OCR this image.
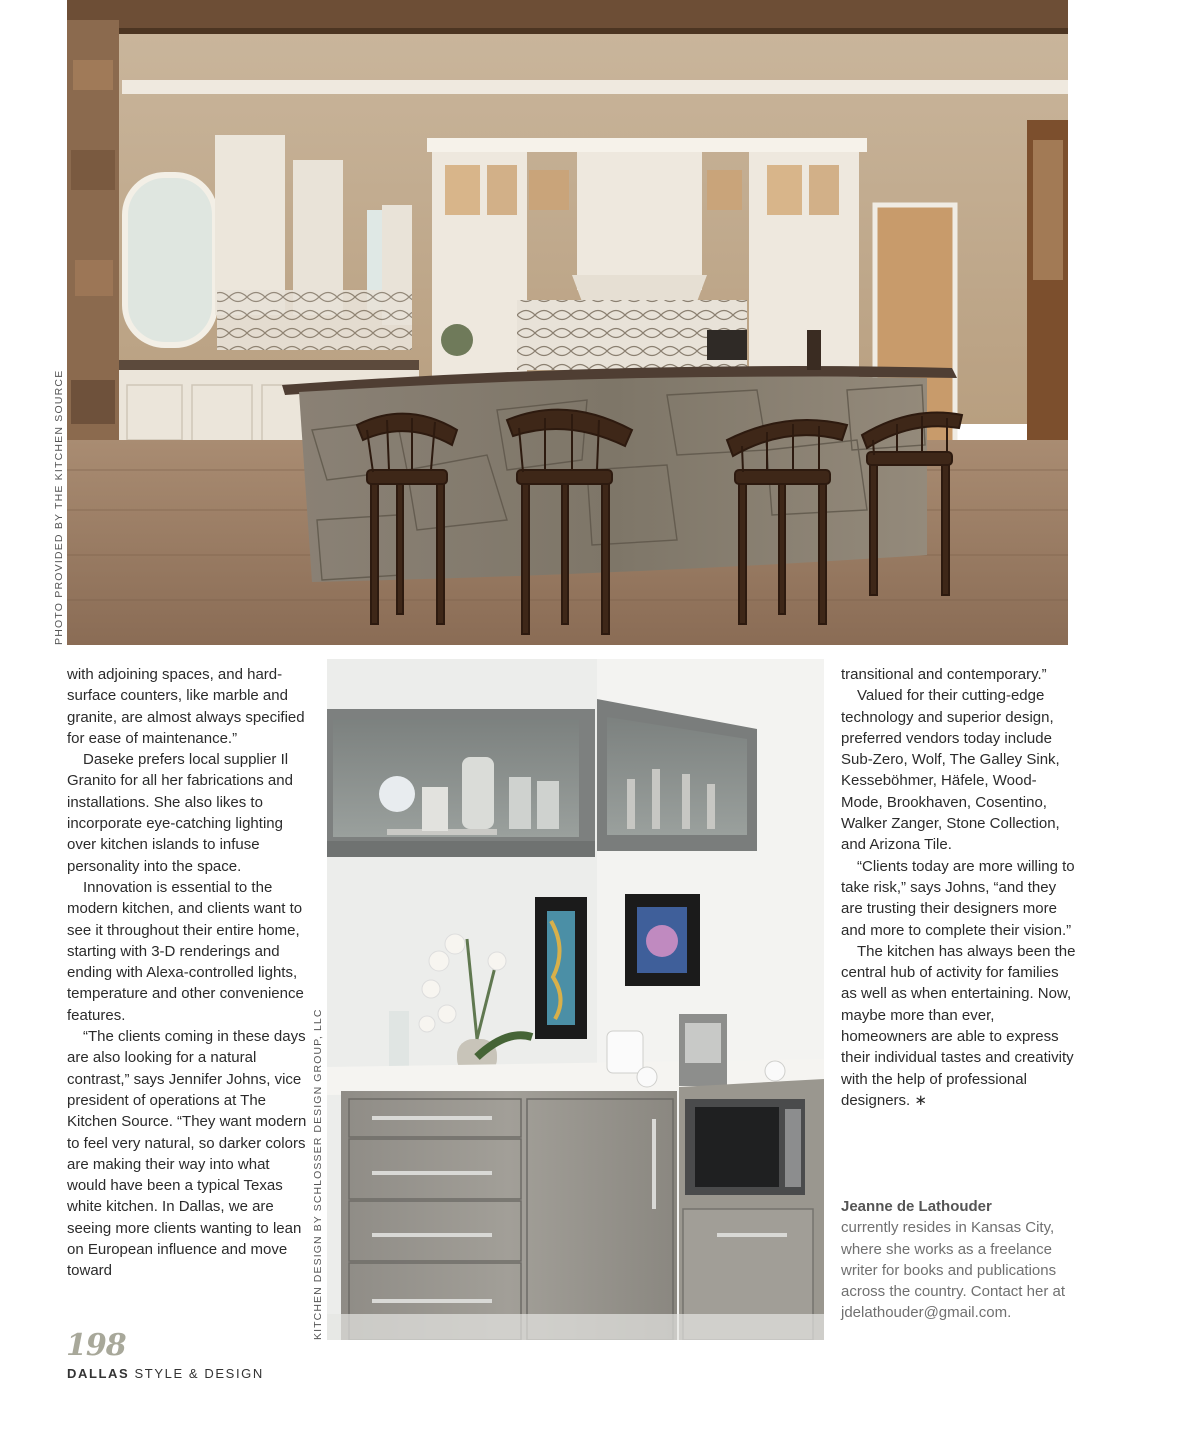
PHOTO PROVIDED BY THE KITCHEN SOURCE

with adjoining spaces, and hard-surface counters, like marble and granite, are almost always specified for ease of maintenance.”

Daseke prefers local supplier Il Granito for all her fabrications and installations. She also likes to incorporate eye-catching lighting over kitchen islands to infuse personality into the space.

Innovation is essential to the modern kitchen, and clients want to see it throughout their entire home, starting with 3-D renderings and ending with Alexa-controlled lights, temperature and other convenience features.

“The clients coming in these days are also looking for a natural contrast,” says Jennifer Johns, vice president of operations at The Kitchen Source. “They want modern to feel very natural, so darker colors are making their way into what would have been a typical Texas white kitchen. In Dallas, we are seeing more clients wanting to lean on European influence and move toward	KITCHEN DESIGN BY SCHLOSSER DESIGN GROUP, LLC

transitional and contemporary.”

Valued for their cutting-edge technology and superior design, preferred vendors today include Sub-Zero, Wolf, The Galley Sink, Kesseböhmer, Häfele, Wood-Mode, Brookhaven, Cosentino, Walker Zanger, Stone Collection, and Arizona Tile.

“Clients today are more willing to take risk,” says Johns, “and they are trusting their designers more and more to complete their vision.”

The kitchen has always been the central hub of activity for families as well as when entertaining. Now, maybe more than ever, homeowners are able to express their individual tastes and creativity with the help of professional designers. ∗

Jeanne de Lathouder
currently resides in Kansas City, where she works as a freelance writer for books and publications across the country. Contact her at jdelathouder@gmail.com.
198
DALLAS STYLE & DESIGN
